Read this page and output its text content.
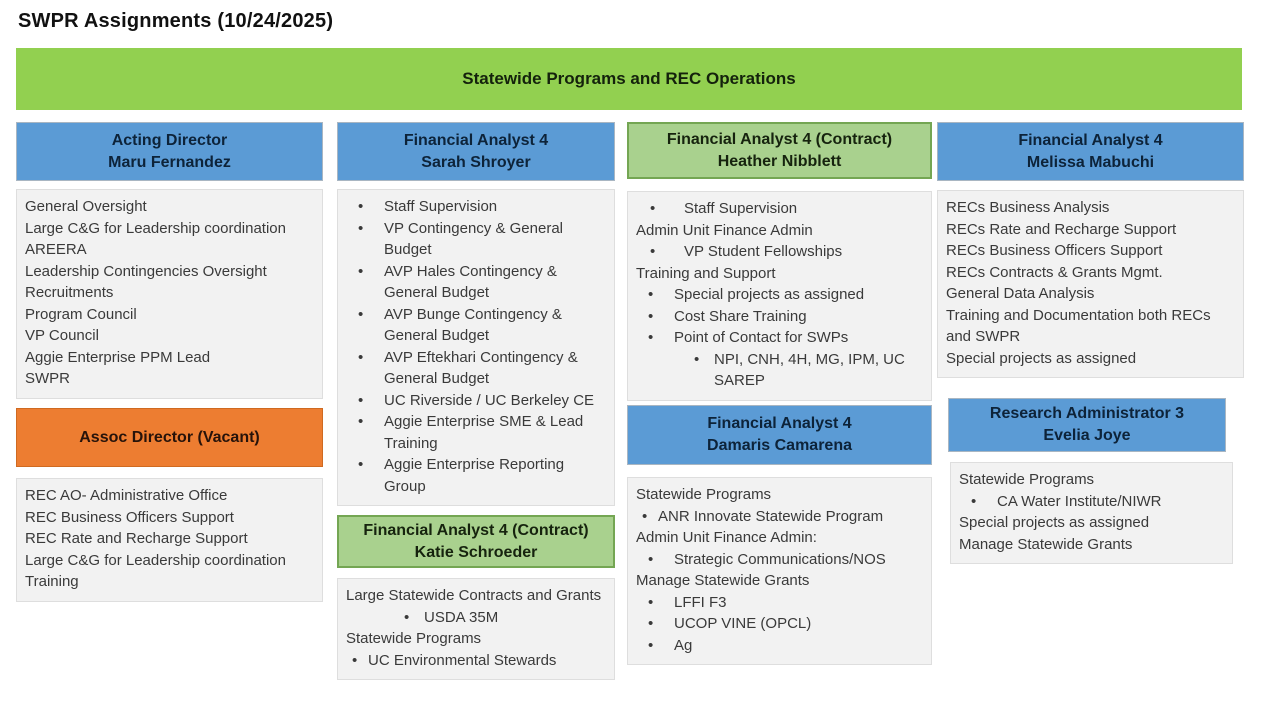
SWPR Assignments (10/24/2025)
Statewide Programs and REC Operations
Acting Director
Maru Fernandez
General Oversight
Large C&G for Leadership coordination
AREERA
Leadership Contingencies Oversight
Recruitments
Program Council
VP Council
Aggie Enterprise PPM Lead
SWPR
Assoc Director (Vacant)
REC AO- Administrative Office
REC Business Officers Support
REC Rate and Recharge Support
Large C&G for Leadership coordination
Training
Financial Analyst 4
Sarah Shroyer
• Staff Supervision
• VP Contingency & General Budget
• AVP Hales Contingency & General Budget
• AVP Bunge Contingency & General Budget
• AVP Eftekhari Contingency & General Budget
• UC Riverside / UC Berkeley CE
• Aggie Enterprise SME & Lead Training
• Aggie Enterprise Reporting Group
Financial Analyst 4 (Contract)
Katie Schroeder
Large Statewide Contracts and Grants
• USDA 35M
Statewide Programs
• UC Environmental Stewards
Financial Analyst 4 (Contract)
Heather Nibblett
• Staff Supervision
Admin Unit Finance Admin
• VP Student Fellowships
Training and Support
• Special projects as assigned
• Cost Share Training
• Point of Contact for SWPs
• NPI, CNH, 4H, MG, IPM, UC SAREP
Financial Analyst 4
Damaris Camarena
Statewide Programs
• ANR Innovate Statewide Program
Admin Unit Finance Admin:
• Strategic Communications/NOS
Manage Statewide Grants
• LFFI F3
• UCOP VINE (OPCL)
• Ag
Financial Analyst 4
Melissa Mabuchi
RECs Business Analysis
RECs Rate and Recharge Support
RECs Business Officers Support
RECs Contracts & Grants Mgmt.
General Data Analysis
Training and Documentation both RECs and SWPR
Special projects as assigned
Research Administrator 3
Evelia Joye
Statewide Programs
• CA Water Institute/NIWR
Special projects as assigned
Manage Statewide Grants
